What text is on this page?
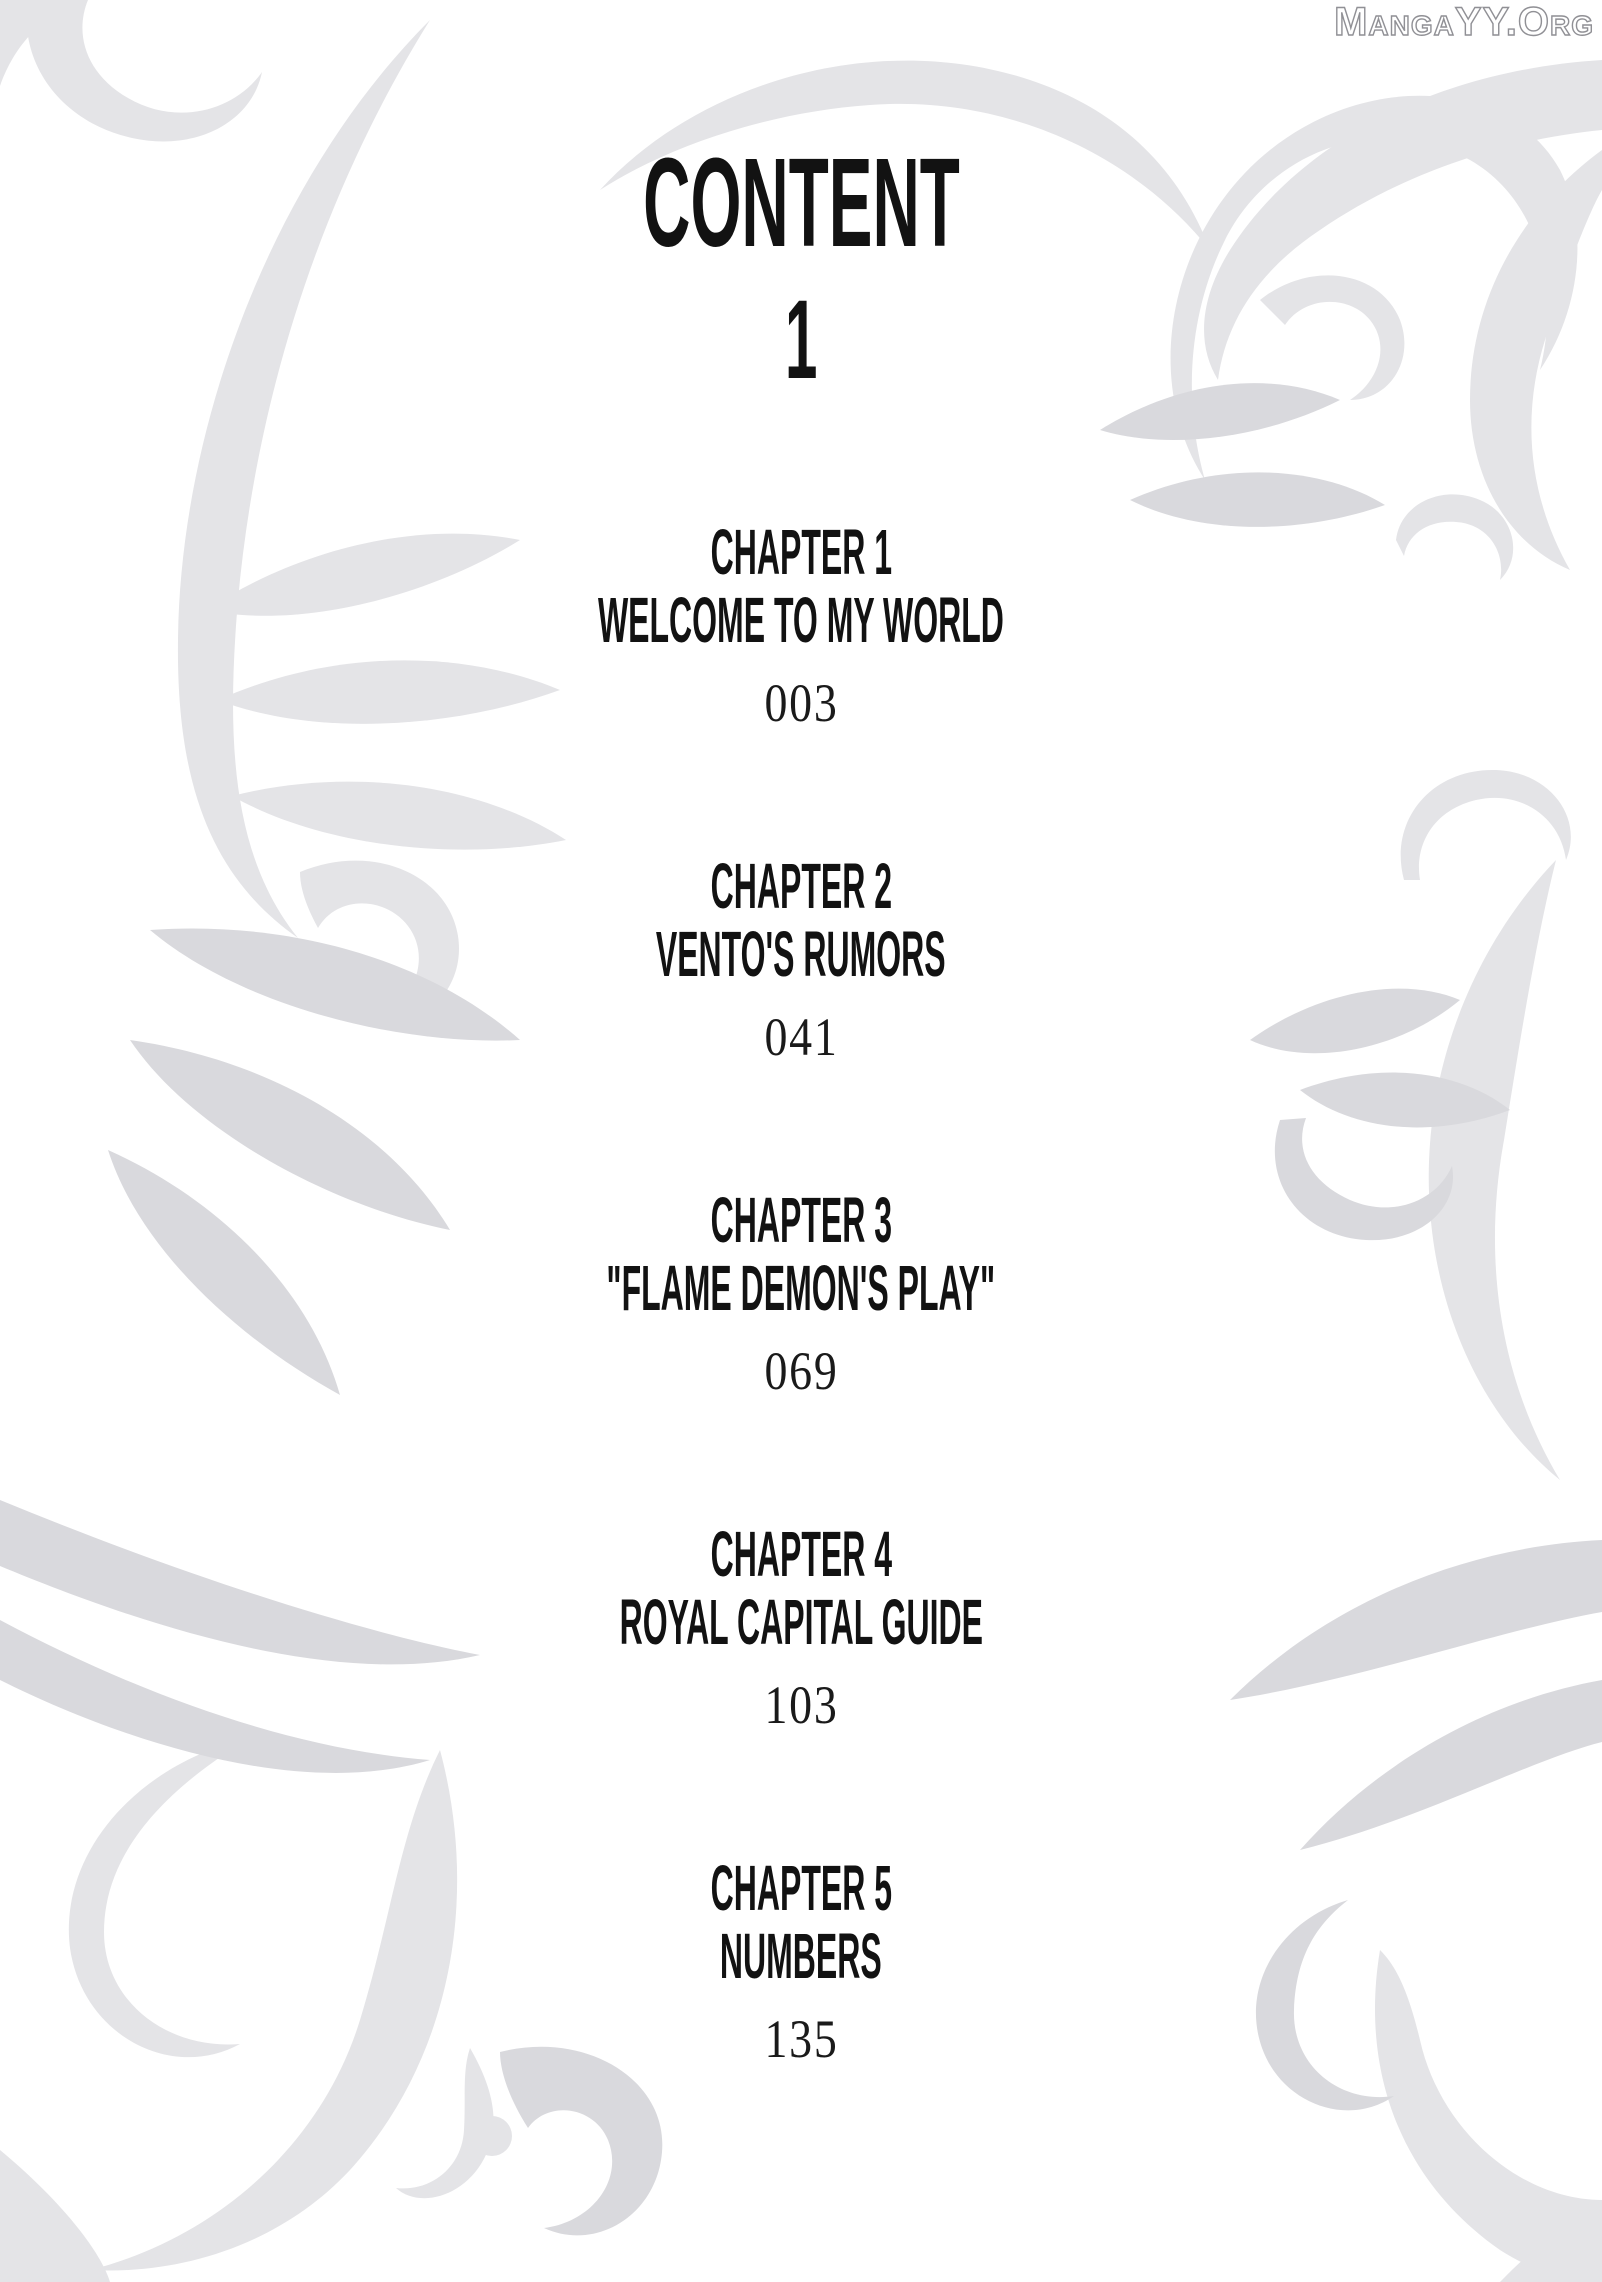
MangaYY.Org
CONTENT
1
CHAPTER 1
WELCOME TO MY WORLD
003
CHAPTER 2
VENTO'S RUMORS
041
CHAPTER 3
"FLAME DEMON'S PLAY"
069
CHAPTER 4
ROYAL CAPITAL GUIDE
103
CHAPTER 5
NUMBERS
135
